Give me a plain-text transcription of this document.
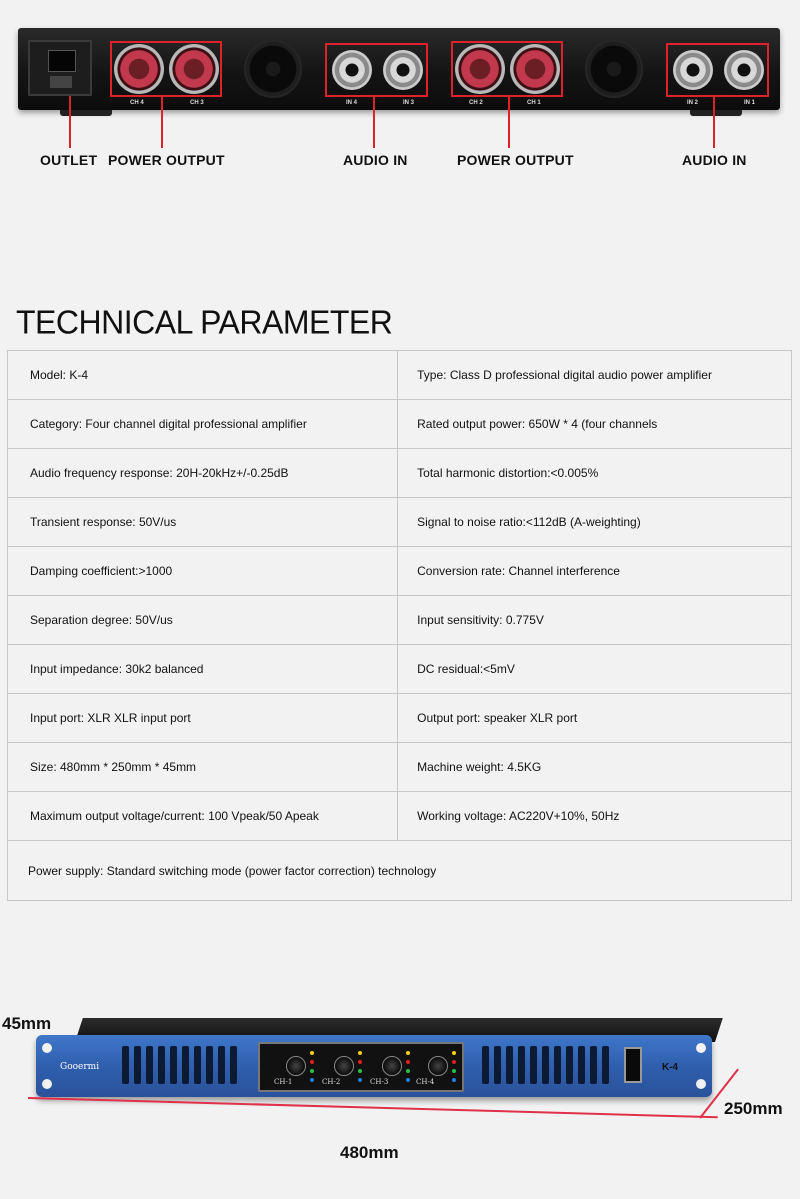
CH 4	CH 3	IN 4	IN 3	CH 2	CH 1	IN 2	IN 1
OUTLET POWER OUTPUT	AUDIO IN	POWER OUTPUT	AUDIO IN
TECHNICAL PARAMETER
Model: K-4	Type: Class D professional digital audio power amplifier
Category: Four channel digital professional amplifier	Rated output power: 650W * 4 (four channels
Audio frequency response: 20H-20kHz+/-0.25dB	Total harmonic distortion:<0.005%
Transient response: 50V/us	Signal to noise ratio:<112dB (A-weighting)
Damping coefficient:>1000	Conversion rate: Channel interference
Separation degree: 50V/us	Input sensitivity: 0.775V
Input impedance: 30k2 balanced	DC residual:<5mV
Input port: XLR XLR input port	Output port: speaker XLR port
Size: 480mm * 250mm * 45mm	Machine weight: 4.5KG
Maximum output voltage/current: 100 Vpeak/50 Apeak	Working voltage: AC220V+10%, 50Hz
Power supply: Standard switching mode (power factor correction) technology	
Gooermi
CH-1	CH-2	CH-3	CH-4
K-4
45mm
250mm
480mm
